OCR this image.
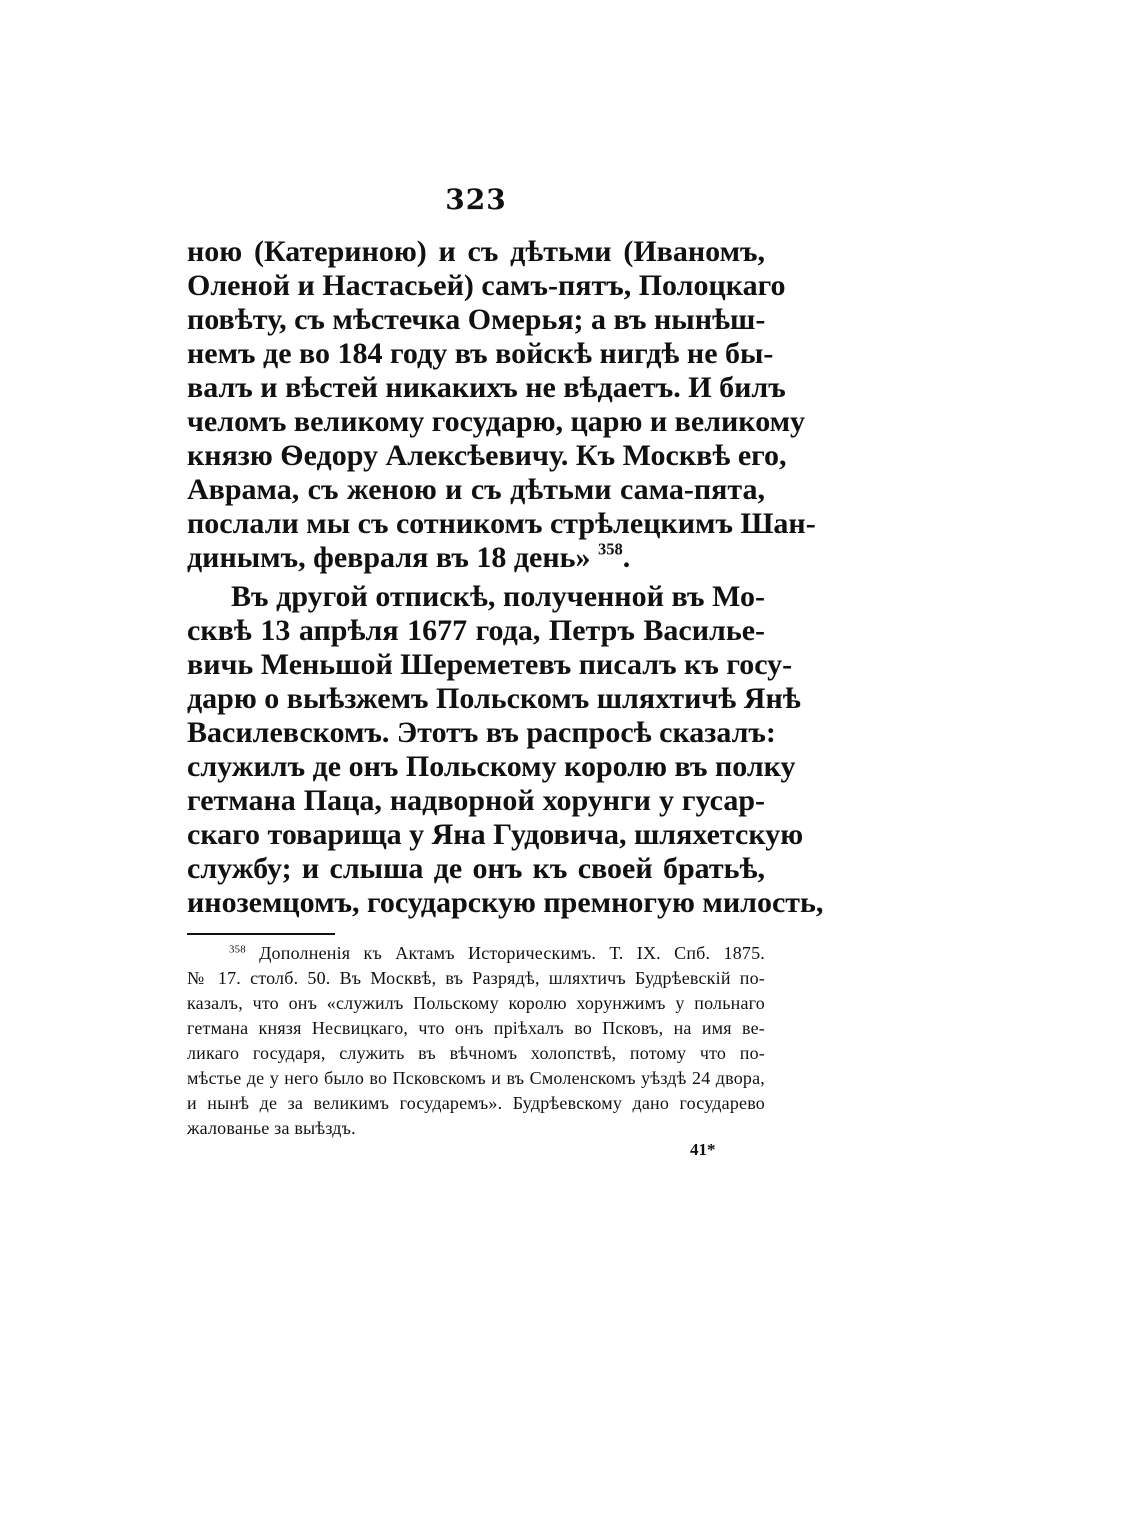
323
ною (Катериною) и съ дѣтьми (Иваномъ,
Оленой и Настасьей) самъ-пятъ, Полоцкаго
повѣту, съ мѣстечка Омерья; а въ нынѣш-
немъ де во 184 году въ войскѣ нигдѣ не бы-
валъ и вѣстей никакихъ не вѣдаетъ. И билъ
челомъ великому государю, царю и великому
князю Ѳедору Алексѣевичу. Къ Москвѣ его,
Аврама, съ женою и съ дѣтьми сама-пята,
послали мы съ сотникомъ стрѣлецкимъ Шан-
динымъ, февраля въ 18 день» $^{358}$.
Въ другой отпискѣ, полученной въ Мо-
сквѣ 13 апрѣля 1677 года, Петръ Василье-
вичь Меньшой Шереметевъ писалъ къ госу-
дарю о выѣзжемъ Польскомъ шляхтичѣ Янѣ
Василевскомъ. Этотъ въ распросѣ сказалъ:
служилъ де онъ Польскому королю въ полку
гетмана Паца, надворной хорунги у гусар-
скаго товарища у Яна Гудовича, шляхетскую
службу; и слыша де онъ къ своей братьѣ,
иноземцомъ, государскую премногую милость,
$^{358}$ Дополненія къ Актамъ Историческимъ. Т. IX. Спб. 1875.
№ 17. столб. 50. Въ Москвѣ, въ Разрядѣ, шляхтичъ Будрѣевскій по-
казалъ, что онъ «служилъ Польскому королю хорунжимъ у польнаго
гетмана князя Несвицкаго, что онъ пріѣхалъ во Псковъ, на имя ве-
ликаго государя, служить въ вѣчномъ холопствѣ, потому что по-
мѣстье де у него было во Псковскомъ и въ Смоленскомъ уѣздѣ 24 двора,
и нынѣ де за великимъ государемъ». Будрѣевскому дано государево
жалованье за выѣздъ.
41*
